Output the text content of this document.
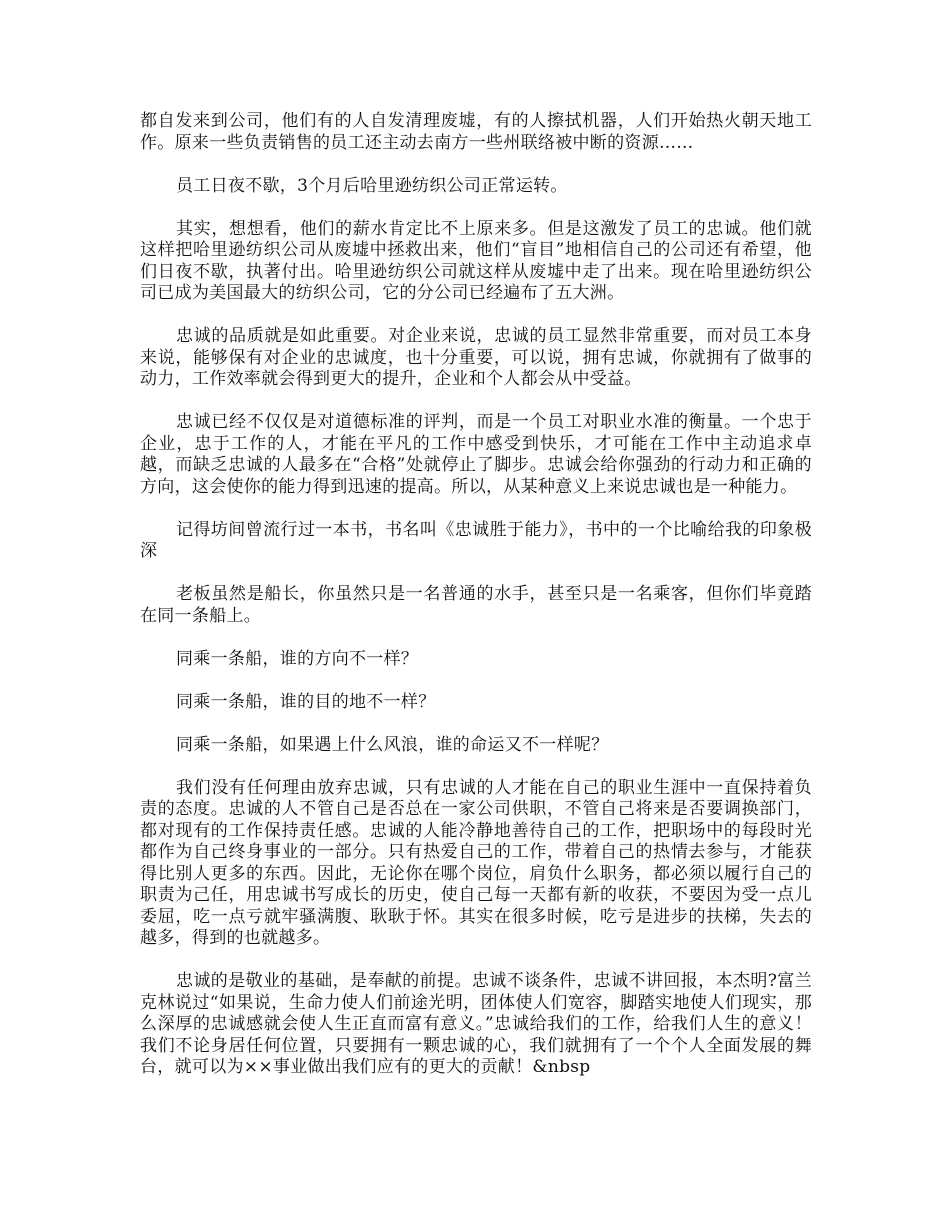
都自发来到公司，他们有的人自发清理废墟，有的人擦拭机器，人们开始热火朝天地工作。原来一些负责销售的员工还主动去南方一些州联络被中断的资源……

员工日夜不歇，3个月后哈里逊纺织公司正常运转。

其实，想想看，他们的薪水肯定比不上原来多。但是这激发了员工的忠诚。他们就这样把哈里逊纺织公司从废墟中拯救出来，他们“盲目”地相信自己的公司还有希望，他们日夜不歇，执著付出。哈里逊纺织公司就这样从废墟中走了出来。现在哈里逊纺织公司已成为美国最大的纺织公司，它的分公司已经遍布了五大洲。

忠诚的品质就是如此重要。对企业来说，忠诚的员工显然非常重要，而对员工本身来说，能够保有对企业的忠诚度，也十分重要，可以说，拥有忠诚，你就拥有了做事的动力，工作效率就会得到更大的提升，企业和个人都会从中受益。

忠诚已经不仅仅是对道德标准的评判，而是一个员工对职业水准的衡量。一个忠于企业，忠于工作的人，才能在平凡的工作中感受到快乐，才可能在工作中主动追求卓越，而缺乏忠诚的人最多在“合格”处就停止了脚步。忠诚会给你强劲的行动力和正确的方向，这会使你的能力得到迅速的提高。所以，从某种意义上来说忠诚也是一种能力。

记得坊间曾流行过一本书，书名叫《忠诚胜于能力》，书中的一个比喻给我的印象极深

老板虽然是船长，你虽然只是一名普通的水手，甚至只是一名乘客，但你们毕竟踏在同一条船上。

同乘一条船，谁的方向不一样？

同乘一条船，谁的目的地不一样？

同乘一条船，如果遇上什么风浪，谁的命运又不一样呢？

我们没有任何理由放弃忠诚，只有忠诚的人才能在自己的职业生涯中一直保持着负责的态度。忠诚的人不管自己是否总在一家公司供职，不管自己将来是否要调换部门，都对现有的工作保持责任感。忠诚的人能冷静地善待自己的工作，把职场中的每段时光都作为自己终身事业的一部分。只有热爱自己的工作，带着自己的热情去参与，才能获得比别人更多的东西。因此，无论你在哪个岗位，肩负什么职务，都必须以履行自己的职责为己任，用忠诚书写成长的历史，使自己每一天都有新的收获，不要因为受一点儿委屈，吃一点亏就牢骚满腹、耿耿于怀。其实在很多时候，吃亏是进步的扶梯，失去的越多，得到的也就越多。

忠诚的是敬业的基础，是奉献的前提。忠诚不谈条件，忠诚不讲回报，本杰明?富兰克林说过“如果说，生命力使人们前途光明，团体使人们宽容，脚踏实地使人们现实，那么深厚的忠诚感就会使人生正直而富有意义。”忠诚给我们的工作，给我们人生的意义！我们不论身居任何位置，只要拥有一颗忠诚的心，我们就拥有了一个个人全面发展的舞台，就可以为××事业做出我们应有的更大的贡献！&nbsp
